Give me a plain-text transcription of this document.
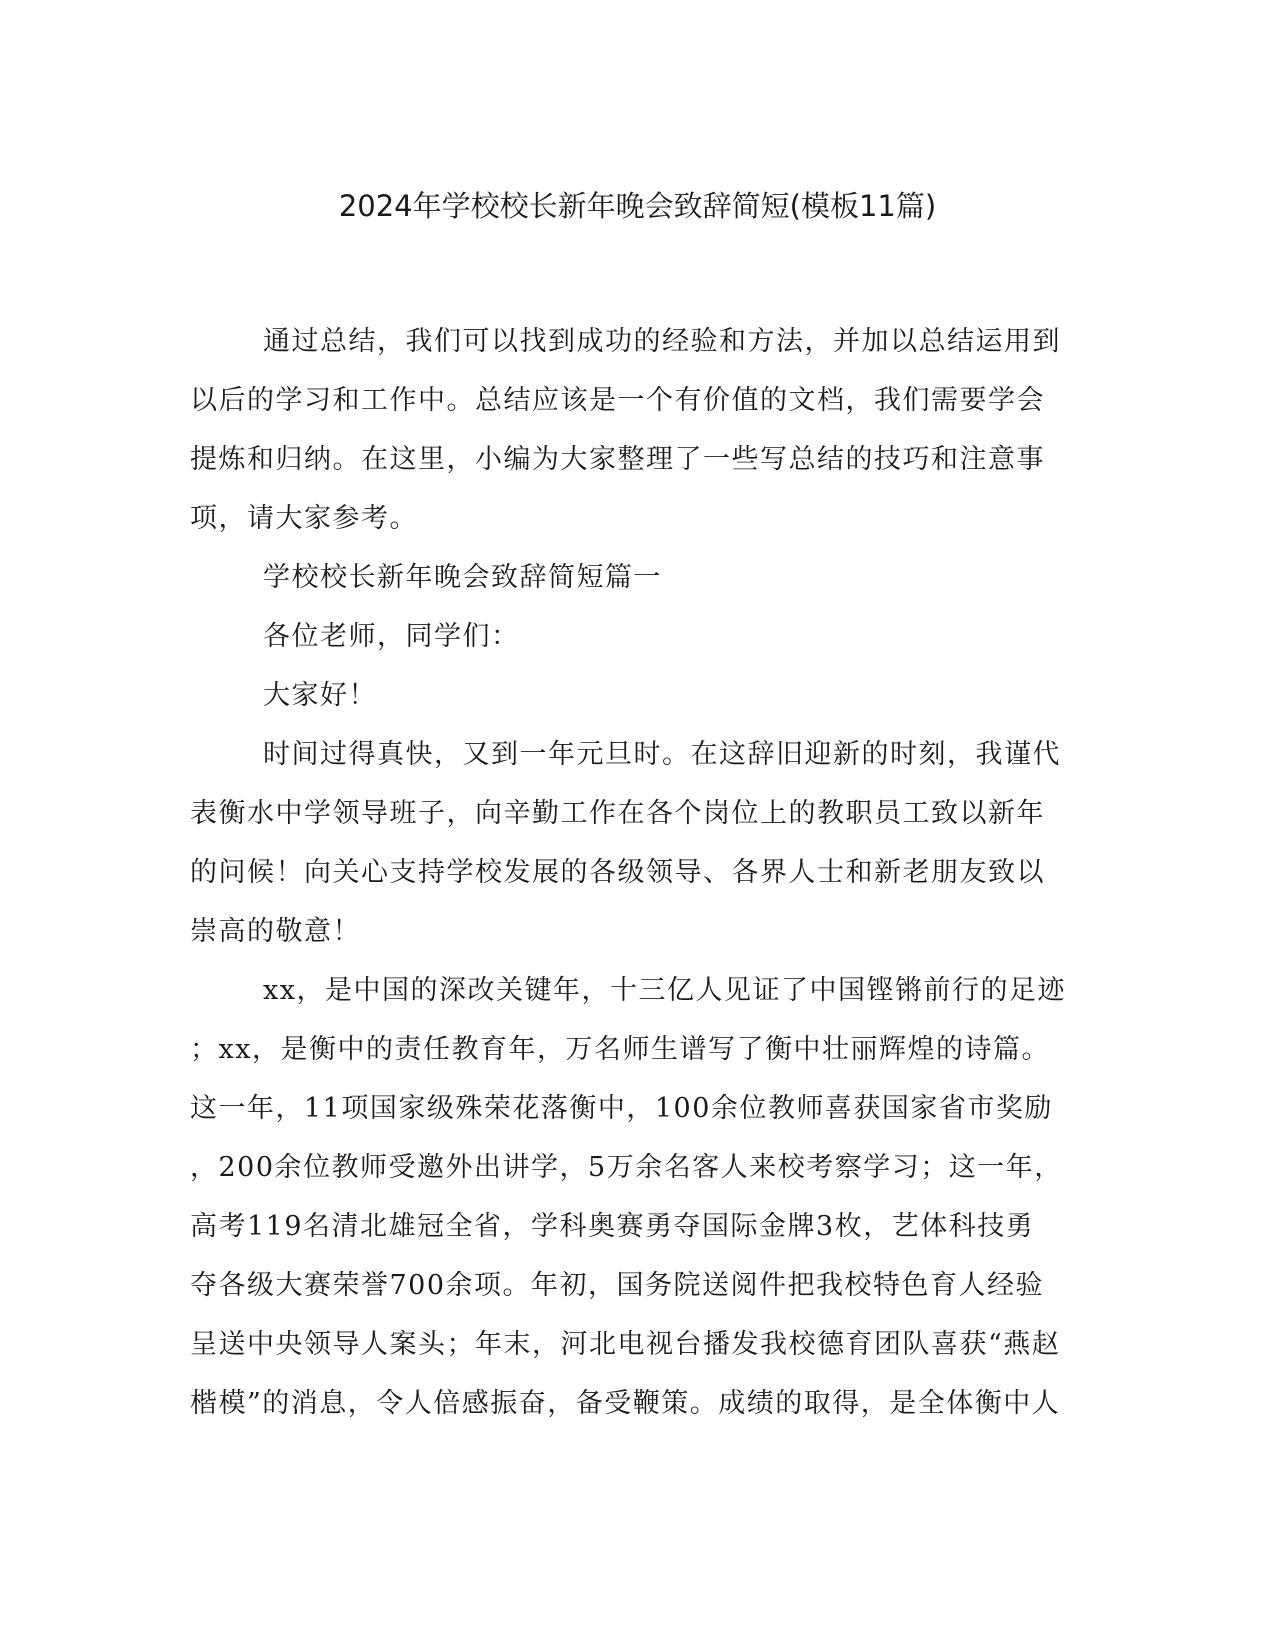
2024年学校校长新年晚会致辞简短(模板11篇)
通过总结，我们可以找到成功的经验和方法，并加以总结运用到
以后的学习和工作中。总结应该是一个有价值的文档，我们需要学会
提炼和归纳。在这里，小编为大家整理了一些写总结的技巧和注意事
项，请大家参考。
学校校长新年晚会致辞简短篇一
各位老师，同学们：
大家好！
时间过得真快，又到一年元旦时。在这辞旧迎新的时刻，我谨代
表衡水中学领导班子，向辛勤工作在各个岗位上的教职员工致以新年
的问候！向关心支持学校发展的各级领导、各界人士和新老朋友致以
崇高的敬意！
xx，是中国的深改关键年，十三亿人见证了中国铿锵前行的足迹
；xx，是衡中的责任教育年，万名师生谱写了衡中壮丽辉煌的诗篇。
这一年，11项国家级殊荣花落衡中，100余位教师喜获国家省市奖励
，200余位教师受邀外出讲学，5万余名客人来校考察学习；这一年，
高考119名清北雄冠全省，学科奥赛勇夺国际金牌3枚，艺体科技勇
夺各级大赛荣誉700余项。年初，国务院送阅件把我校特色育人经验
呈送中央领导人案头；年末，河北电视台播发我校德育团队喜获“燕赵
楷模”的消息，令人倍感振奋，备受鞭策。成绩的取得，是全体衡中人
